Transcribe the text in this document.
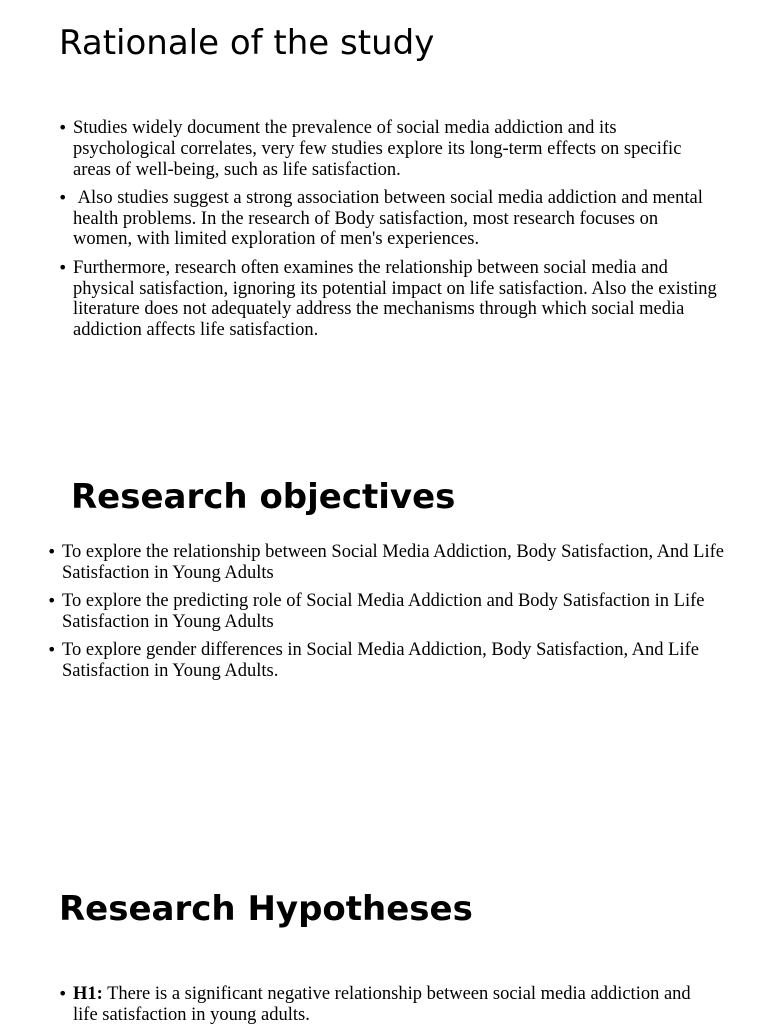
Rationale of the study
• Studies widely document the prevalence of social media addiction and its psychological correlates, very few studies explore its long-term effects on specific areas of well-being, such as life satisfaction.
• Also studies suggest a strong association between social media addiction and mental health problems. In the research of Body satisfaction, most research focuses on women, with limited exploration of men's experiences.
• Furthermore, research often examines the relationship between social media and physical satisfaction, ignoring its potential impact on life satisfaction. Also the existing literature does not adequately address the mechanisms through which social media addiction affects life satisfaction.
Research objectives
• To explore the relationship between Social Media Addiction, Body Satisfaction, And Life Satisfaction in Young Adults
• To explore the predicting role of Social Media Addiction and Body Satisfaction in Life Satisfaction in Young Adults
• To explore gender differences in Social Media Addiction, Body Satisfaction, And Life Satisfaction in Young Adults.
Research Hypotheses
• H1: There is a significant negative relationship between social media addiction and life satisfaction in young adults.
